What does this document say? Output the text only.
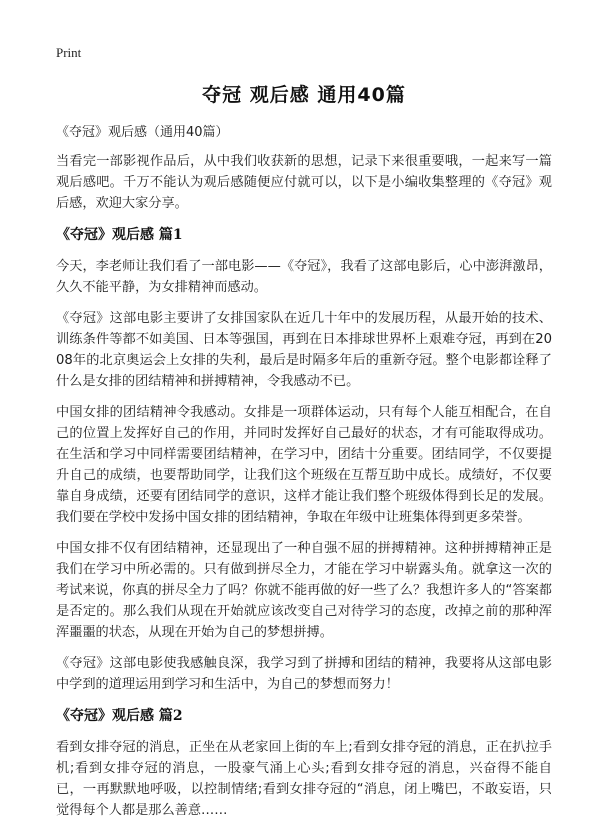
Print
夺冠 观后感 通用40篇
《夺冠》观后感（通用40篇）

当看完一部影视作品后，从中我们收获新的思想，记录下来很重要哦，一起来写一篇观后感吧。千万不能认为观后感随便应付就可以，以下是小编收集整理的《夺冠》观后感，欢迎大家分享。

《夺冠》观后感 篇1

今天，李老师让我们看了一部电影——《夺冠》，我看了这部电影后，心中澎湃激昂，久久不能平静，为女排精神而感动。

《夺冠》这部电影主要讲了女排国家队在近几十年中的发展历程，从最开始的技术、训练条件等都不如美国、日本等强国，再到在日本排球世界杯上艰难夺冠，再到在2008年的北京奥运会上女排的失利，最后是时隔多年后的重新夺冠。整个电影都诠释了什么是女排的团结精神和拼搏精神，令我感动不已。

中国女排的团结精神令我感动。女排是一项群体运动，只有每个人能互相配合，在自己的位置上发挥好自己的作用，并同时发挥好自己最好的状态，才有可能取得成功。在生活和学习中同样需要团结精神，在学习中，团结十分重要。团结同学，不仅要提升自己的成绩，也要帮助同学，让我们这个班级在互帮互助中成长。成绩好，不仅要靠自身成绩，还要有团结同学的意识，这样才能让我们整个班级体得到长足的发展。我们要在学校中发扬中国女排的团结精神，争取在年级中让班集体得到更多荣誉。

中国女排不仅有团结精神，还显现出了一种自强不屈的拼搏精神。这种拼搏精神正是我们在学习中所必需的。只有做到拼尽全力，才能在学习中崭露头角。就拿这一次的考试来说，你真的拼尽全力了吗？你就不能再做的好一些了么？我想许多人的“答案都是否定的。那么我们从现在开始就应该改变自己对待学习的态度，改掉之前的那种浑浑噩噩的状态，从现在开始为自己的梦想拼搏。

《夺冠》这部电影使我感触良深，我学习到了拼搏和团结的精神，我要将从这部电影中学到的道理运用到学习和生活中，为自己的梦想而努力！

《夺冠》观后感 篇2

看到女排夺冠的消息，正坐在从老家回上街的车上;看到女排夺冠的消息，正在扒拉手机;看到女排夺冠的消息，一股豪气涌上心头;看到女排夺冠的消息，兴奋得不能自已，一再默默地呼吸，以控制情绪;看到女排夺冠的“消息，闭上嘴巴，不敢妄语，只觉得每个人都是那么善意……
